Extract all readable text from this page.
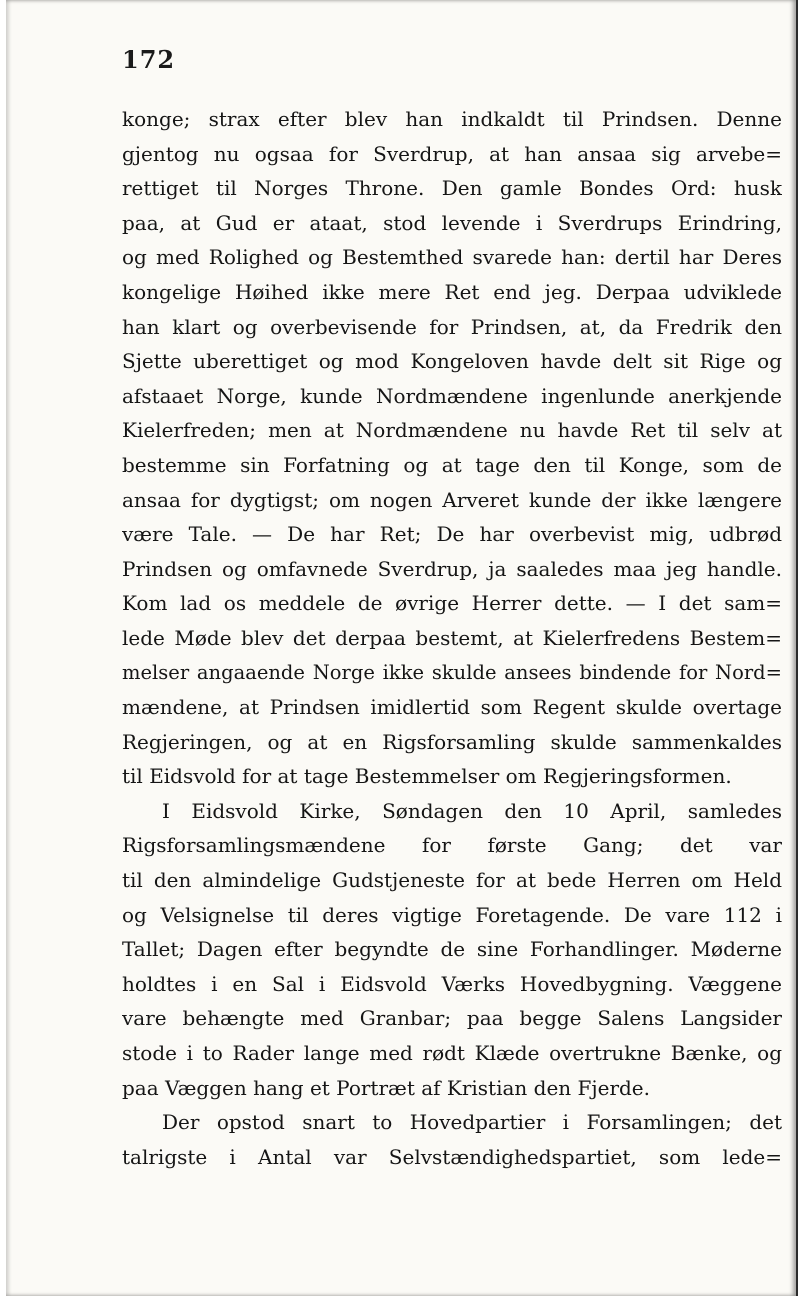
172
konge; strax efter blev han indkaldt til Prindsen. Denne
gjentog nu ogsaa for Sverdrup, at han ansaa sig arvebe=
rettiget til Norges Throne. Den gamle Bondes Ord: husk
paa, at Gud er ataat, stod levende i Sverdrups Erindring,
og med Rolighed og Bestemthed svarede han: dertil har Deres
kongelige Høihed ikke mere Ret end jeg. Derpaa udviklede
han klart og overbevisende for Prindsen, at, da Fredrik den
Sjette uberettiget og mod Kongeloven havde delt sit Rige og
afstaaet Norge, kunde Nordmændene ingenlunde anerkjende
Kielerfreden; men at Nordmændene nu havde Ret til selv at
bestemme sin Forfatning og at tage den til Konge, som de
ansaa for dygtigst; om nogen Arveret kunde der ikke længere
være Tale. — De har Ret; De har overbevist mig, udbrød
Prindsen og omfavnede Sverdrup, ja saaledes maa jeg handle.
Kom lad os meddele de øvrige Herrer dette. — I det sam=
lede Møde blev det derpaa bestemt, at Kielerfredens Bestem=
melser angaaende Norge ikke skulde ansees bindende for Nord=
mændene, at Prindsen imidlertid som Regent skulde overtage
Regjeringen, og at en Rigsforsamling skulde sammenkaldes
til Eidsvold for at tage Bestemmelser om Regjeringsformen.
I Eidsvold Kirke, Søndagen den 10 April, samledes
Rigsforsamlingsmændene for første Gang; det var
til den almindelige Gudstjeneste for at bede Herren om Held
og Velsignelse til deres vigtige Foretagende. De vare 112 i
Tallet; Dagen efter begyndte de sine Forhandlinger. Møderne
holdtes i en Sal i Eidsvold Værks Hovedbygning. Væggene
vare behængte med Granbar; paa begge Salens Langsider
stode i to Rader lange med rødt Klæde overtrukne Bænke, og
paa Væggen hang et Portræt af Kristian den Fjerde.
Der opstod snart to Hovedpartier i Forsamlingen; det
talrigste i Antal var Selvstændighedspartiet, som lede=
